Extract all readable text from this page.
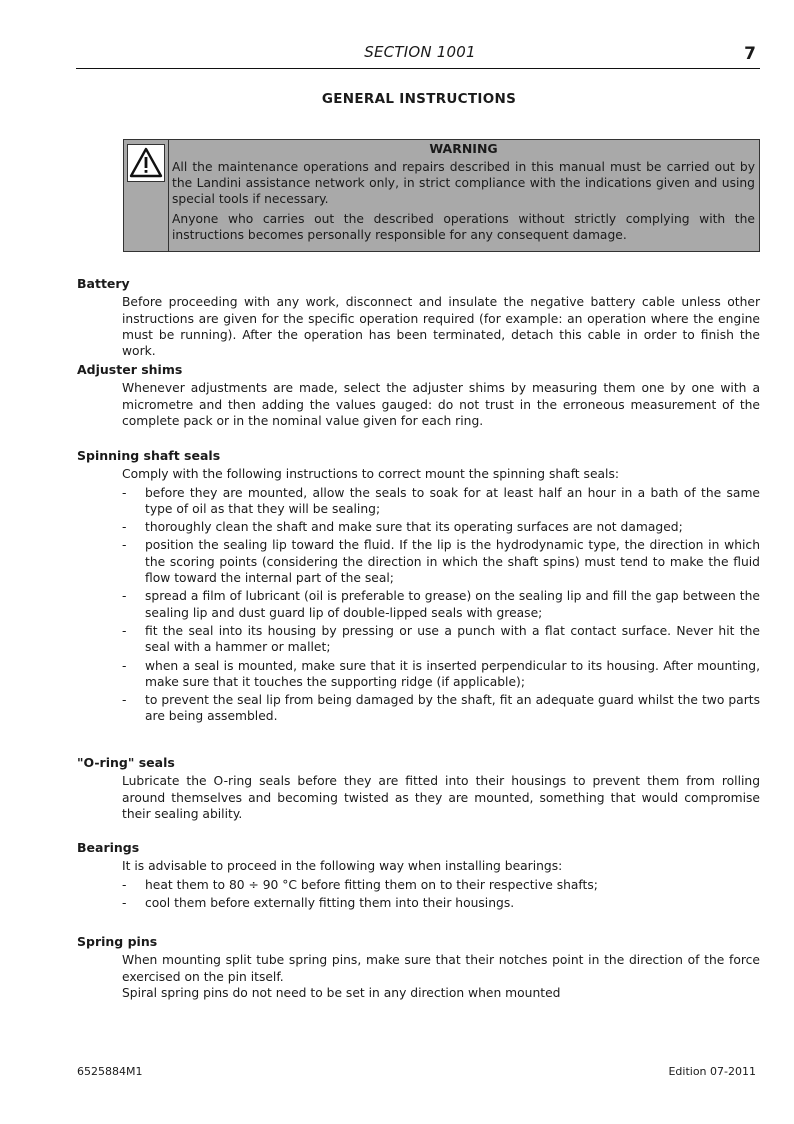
SECTION 1001	7
GENERAL INSTRUCTIONS
WARNING

All the maintenance operations and repairs described in this manual must be carried out by the Landini assistance network only, in strict compliance with the indications given and using special tools if necessary.

Anyone who carries out the described operations without strictly complying with the instructions becomes personally responsible for any consequent damage.

Battery

Before proceeding with any work, disconnect and insulate the negative battery cable unless other instructions are given for the specific operation required (for example: an operation where the engine must be running). After the operation has been terminated, detach this cable in order to finish the work.

Adjuster shims

Whenever adjustments are made, select the adjuster shims by measuring them one by one with a micrometre and then adding the values gauged: do not trust in the erroneous measurement of the complete pack or in the nominal value given for each ring.

Spinning shaft seals

Comply with the following instructions to correct mount the spinning shaft seals:

- before they are mounted, allow the seals to soak for at least half an hour in a bath of the same type of oil as that they will be sealing;
- thoroughly clean the shaft and make sure that its operating surfaces are not damaged;
- position the sealing lip toward the fluid. If the lip is the hydrodynamic type, the direction in which the scoring points (considering the direction in which the shaft spins) must tend to make the fluid flow toward the internal part of the seal;
- spread a film of lubricant (oil is preferable to grease) on the sealing lip and fill the gap between the sealing lip and dust guard lip of double-lipped seals with grease;
- fit the seal into its housing by pressing or use a punch with a flat contact surface. Never hit the seal with a hammer or mallet;
- when a seal is mounted, make sure that it is inserted perpendicular to its housing. After mounting, make sure that it touches the supporting ridge (if applicable);
- to prevent the seal lip from being damaged by the shaft, fit an adequate guard whilst the two parts are being assembled.
"O-ring" seals

Lubricate the O-ring seals before they are fitted into their housings to prevent them from rolling around themselves and becoming twisted as they are mounted, something that would compromise their sealing ability.

Bearings

It is advisable to proceed in the following way when installing bearings:

- heat them to 80 ÷ 90 °C before fitting them on to their respective shafts;
- cool them before externally fitting them into their housings.
Spring pins

When mounting split tube spring pins, make sure that their notches point in the direction of the force exercised on the pin itself.

Spiral spring pins do not need to be set in any direction when mounted

6525884M1	Edition 07-2011
